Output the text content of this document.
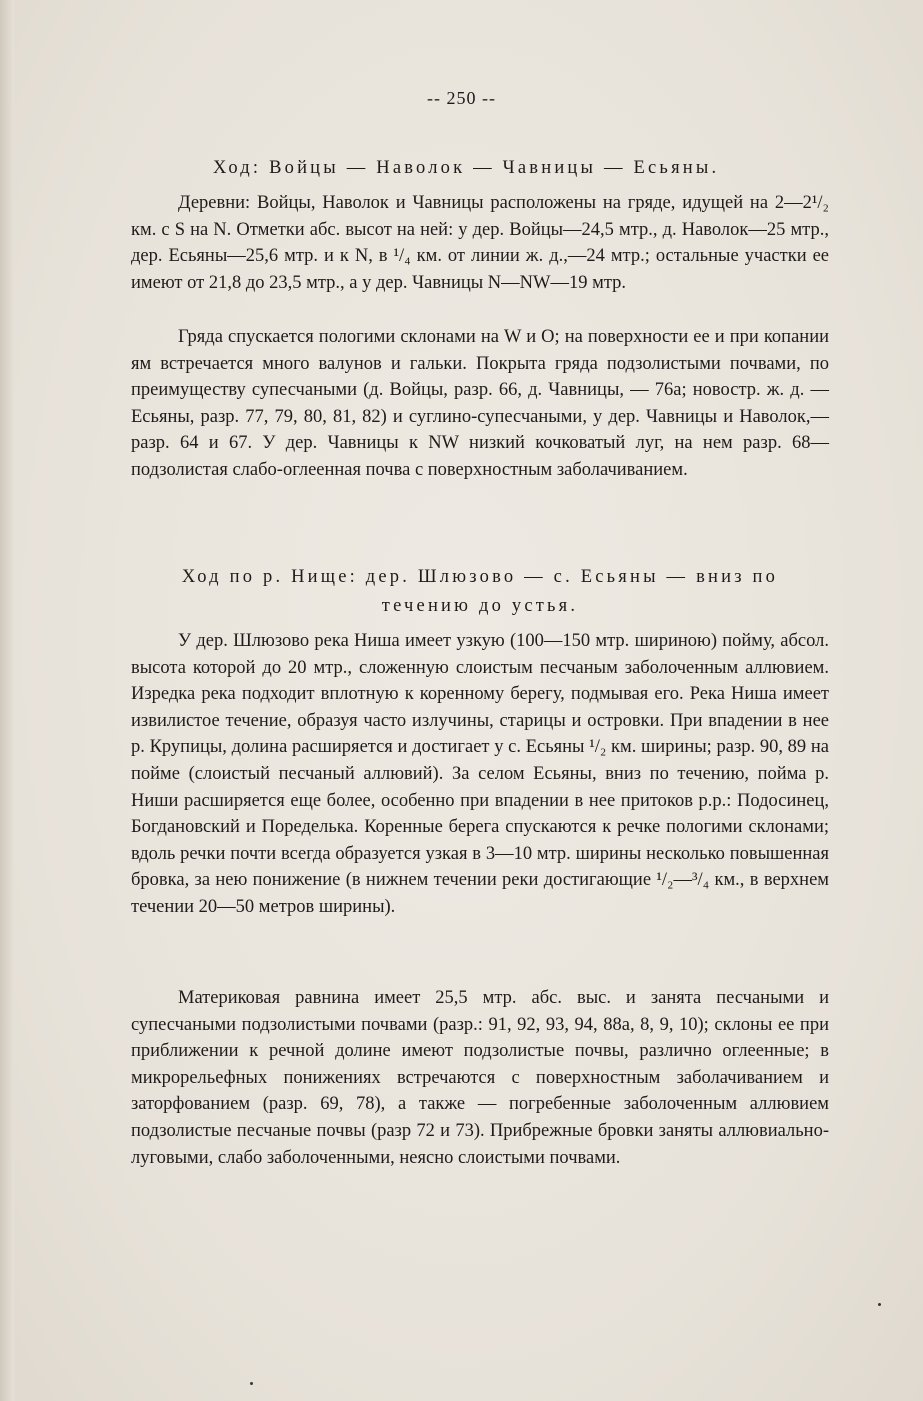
-- 250 --
Ход: Войцы — Наволок — Чавницы — Есьяны.

Деревни: Войцы, Наволок и Чавницы расположены на гряде, идущей на 2—2¹/₂ км. с S на N. Отметки абс. высот на ней: у дер. Войцы—24,5 мтр., д. Наволок—25 мтр., дер. Есьяны—25,6 мтр. и к N, в ¹/₄ км. от линии ж. д.,—24 мтр.; остальные участки ее имеют от 21,8 до 23,5 мтр., а у дер. Чавницы N—NW—19 мтр.

Гряда спускается пологими склонами на W и O; на поверхности ее и при копании ям встречается много валунов и гальки. Покрыта гряда подзолистыми почвами, по преимуществу супесчаными (д. Войцы, разр. 66, д. Чавницы, — 76а; новостр. ж. д. — Есьяны, разр. 77, 79, 80, 81, 82) и суглино-супесчаными, у дер. Чавницы и Наволок,— разр. 64 и 67. У дер. Чавницы к NW низкий кочковатый луг, на нем разр. 68—подзолистая слабо-оглеенная почва с поверхностным заболачиванием.

Ход по р. Нище: дер. Шлюзово — с. Есьяны — вниз по
течению до устья.

У дер. Шлюзово река Ниша имеет узкую (100—150 мтр. шириною) пойму, абсол. высота которой до 20 мтр., сложенную слоистым песчаным заболоченным аллювием. Изредка река подходит вплотную к коренному берегу, подмывая его. Река Ниша имеет извилистое течение, образуя часто излучины, старицы и островки. При впадении в нее р. Крупицы, долина расширяется и достигает у с. Есьяны ¹/₂ км. ширины; разр. 90, 89 на пойме (слоистый песчаный аллювий). За селом Есьяны, вниз по течению, пойма р. Ниши расширяется еще более, особенно при впадении в нее притоков р.р.: Подосинец, Богдановский и Поределька. Коренные берега спускаются к речке пологими склонами; вдоль речки почти всегда образуется узкая в 3—10 мтр. ширины несколько повышенная бровка, за нею понижение (в нижнем течении реки достигающие ¹/₂—³/₄ км., в верхнем течении 20—50 метров ширины).

Материковая равнина имеет 25,5 мтр. абс. выс. и занята песчаными и супесчаными подзолистыми почвами (разр.: 91, 92, 93, 94, 88а, 8, 9, 10); склоны ее при приближении к речной долине имеют подзолистые почвы, различно оглеенные; в микрорельефных понижениях встречаются с поверхностным заболачиванием и заторфованием (разр. 69, 78), а также — погребенные заболоченным аллювием подзолистые песчаные почвы (разр 72 и 73). Прибрежные бровки заняты аллювиально-луговыми, слабо заболоченными, неясно слоистыми почвами.
